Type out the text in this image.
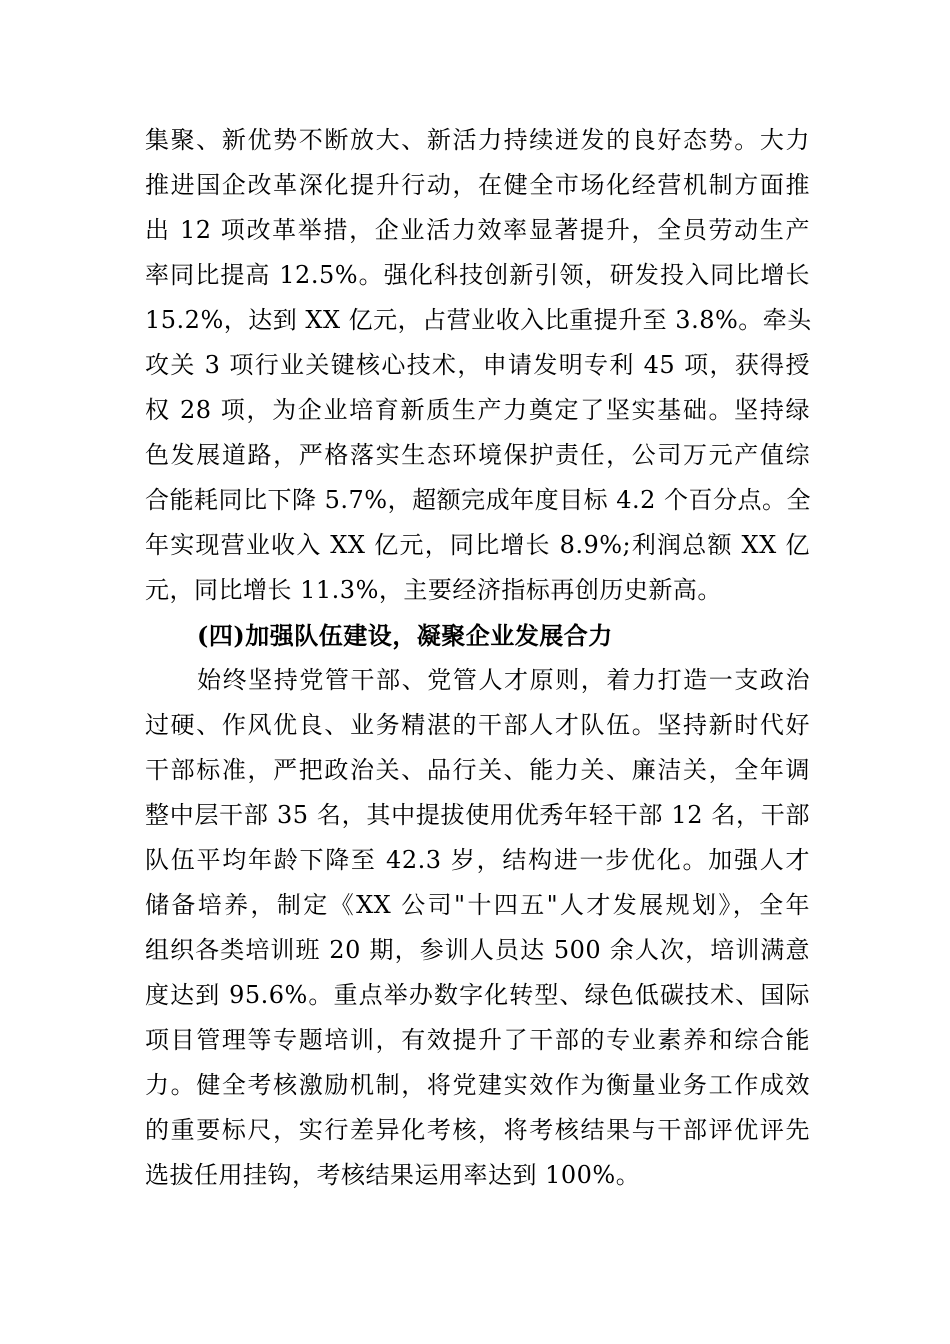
集聚、新优势不断放大、新活力持续迸发的良好态势。大力
推进国企改革深化提升行动，在健全市场化经营机制方面推
出 12 项改革举措，企业活力效率显著提升，全员劳动生产
率同比提高 12.5%。强化科技创新引领，研发投入同比增长
15.2%，达到 XX 亿元，占营业收入比重提升至 3.8%。牵头
攻关 3 项行业关键核心技术，申请发明专利 45 项，获得授
权 28 项，为企业培育新质生产力奠定了坚实基础。坚持绿
色发展道路，严格落实生态环境保护责任，公司万元产值综
合能耗同比下降 5.7%，超额完成年度目标 4.2 个百分点。全
年实现营业收入 XX 亿元，同比增长 8.9%;利润总额 XX 亿
元，同比增长 11.3%，主要经济指标再创历史新高。
(四)加强队伍建设，凝聚企业发展合力
始终坚持党管干部、党管人才原则，着力打造一支政治
过硬、作风优良、业务精湛的干部人才队伍。坚持新时代好
干部标准，严把政治关、品行关、能力关、廉洁关，全年调
整中层干部 35 名，其中提拔使用优秀年轻干部 12 名，干部
队伍平均年龄下降至 42.3 岁，结构进一步优化。加强人才
储备培养，制定《XX 公司"十四五"人才发展规划》，全年
组织各类培训班 20 期，参训人员达 500 余人次，培训满意
度达到 95.6%。重点举办数字化转型、绿色低碳技术、国际
项目管理等专题培训，有效提升了干部的专业素养和综合能
力。健全考核激励机制，将党建实效作为衡量业务工作成效
的重要标尺，实行差异化考核，将考核结果与干部评优评先
选拔任用挂钩，考核结果运用率达到 100%。
